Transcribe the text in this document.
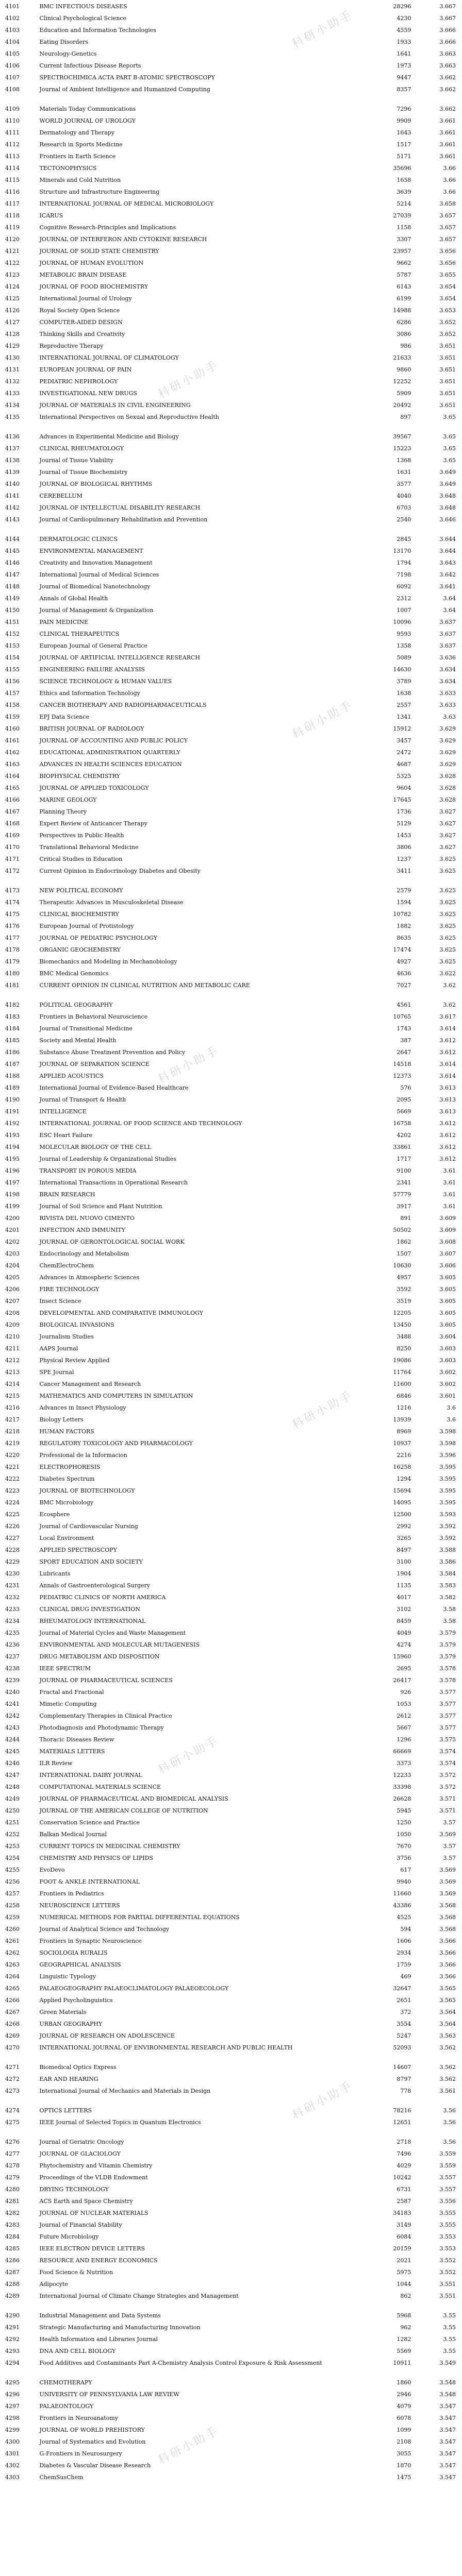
4101	BMC INFECTIOUS DISEASES	28296	3.667
4102	Clinical Psychological Science	4230	3.667
4103	Education and Information Technologies	4559	3.666
4104	Eating Disorders	1933	3.666
4105	Neurology-Genetics	1641	3.663
4106	Current Infectious Disease Reports	1973	3.663
4107	SPECTROCHIMICA ACTA PART B-ATOMIC SPECTROSCOPY	9447	3.662
4108	Journal of Ambient Intelligence and Humanized Computing	8357	3.662
4109	Materials Today Communications	7296	3.662
4110	WORLD JOURNAL OF UROLOGY	9909	3.661
4111	Dermatology and Therapy	1643	3.661
4112	Research in Sports Medicine	1517	3.661
4113	Frontiers in Earth Science	5171	3.661
4114	TECTONOPHYSICS	35696	3.66
4115	Minerals and Cold Nutrition	1658	3.66
4116	Structure and Infrastructure Engineering	3639	3.66
4117	INTERNATIONAL JOURNAL OF MEDICAL MICROBIOLOGY	5214	3.658
4118	ICARUS	27039	3.657
4119	Cognitive Research-Principles and Implications	1158	3.657
4120	JOURNAL OF INTERFERON AND CYTOKINE RESEARCH	3307	3.657
4121	JOURNAL OF SOLID STATE CHEMISTRY	23957	3.656
4122	JOURNAL OF HUMAN EVOLUTION	9662	3.656
4123	METABOLIC BRAIN DISEASE	5787	3.655
4124	JOURNAL OF FOOD BIOCHEMISTRY	6143	3.654
4125	International Journal of Urology	6199	3.654
4126	Royal Society Open Science	14988	3.653
4127	COMPUTER-AIDED DESIGN	6286	3.652
4128	Thinking Skills and Creativity	3086	3.652
4129	Reproductive Therapy	986	3.651
4130	INTERNATIONAL JOURNAL OF CLIMATOLOGY	21633	3.651
4131	EUROPEAN JOURNAL OF PAIN	9860	3.651
4132	PEDIATRIC NEPHROLOGY	12252	3.651
4133	INVESTIGATIONAL NEW DRUGS	5909	3.651
4134	JOURNAL OF MATERIALS IN CIVIL ENGINEERING	20492	3.651
4135	International Perspectives on Sexual and Reproductive Health	897	3.65
4136	Advances in Experimental Medicine and Biology	39567	3.65
4137	CLINICAL RHEUMATOLOGY	15223	3.65
4138	Journal of Tissue Viability	1368	3.65
4139	Journal of Tissue Biochemistry	1631	3.649
4140	JOURNAL OF BIOLOGICAL RHYTHMS	3577	3.649
4141	CEREBELLUM	4040	3.648
4142	JOURNAL OF INTELLECTUAL DISABILITY RESEARCH	6703	3.648
4143	Journal of Cardiopulmonary Rehabilitation and Prevention	2540	3.646
4144	DERMATOLOGIC CLINICS	2845	3.644
4145	ENVIRONMENTAL MANAGEMENT	13170	3.644
4146	Creativity and Innovation Management	1794	3.643
4147	International Journal of Medical Sciences	7198	3.642
4148	Journal of Biomedical Nanotechnology	6092	3.641
4149	Annals of Global Health	2312	3.64
4150	Journal of Management & Organization	1007	3.64
4151	PAIN MEDICINE	10096	3.637
4152	CLINICAL THERAPEUTICS	9593	3.637
4153	European Journal of General Practice	1358	3.637
4154	JOURNAL OF ARTIFICIAL INTELLIGENCE RESEARCH	5089	3.636
4155	ENGINEERING FAILURE ANALYSIS	14630	3.634
4156	SCIENCE TECHNOLOGY & HUMAN VALUES	3789	3.634
4157	Ethics and Information Technology	1638	3.633
4158	CANCER BIOTHERAPY AND RADIOPHARMACEUTICALS	2557	3.633
4159	EPJ Data Science	1341	3.63
4160	BRITISH JOURNAL OF RADIOLOGY	15912	3.629
4161	JOURNAL OF ACCOUNTING AND PUBLIC POLICY	3457	3.629
4162	EDUCATIONAL ADMINISTRATION QUARTERLY	2472	3.629
4163	ADVANCES IN HEALTH SCIENCES EDUCATION	4687	3.629
4164	BIOPHYSICAL CHEMISTRY	5325	3.628
4165	JOURNAL OF APPLIED TOXICOLOGY	9604	3.628
4166	MARINE GEOLOGY	17645	3.628
4167	Planning Theory	1736	3.627
4168	Expert Review of Anticancer Therapy	5129	3.627
4169	Perspectives in Public Health	1453	3.627
4170	Translational Behavioral Medicine	3806	3.627
4171	Critical Studies in Education	1237	3.625
4172	Current Opinion in Endocrinology Diabetes and Obesity	3411	3.625
4173	NEW POLITICAL ECONOMY	2579	3.625
4174	Therapeutic Advances in Musculoskeletal Disease	1594	3.625
4175	CLINICAL BIOCHEMISTRY	10782	3.625
4176	European Journal of Protistology	1882	3.625
4177	JOURNAL OF PEDIATRIC PSYCHOLOGY	8635	3.625
4178	ORGANIC GEOCHEMISTRY	17474	3.625
4179	Biomechanics and Modeling in Mechanobiology	4927	3.625
4180	BMC Medical Genomics	4636	3.622
4181	CURRENT OPINION IN CLINICAL NUTRITION AND METABOLIC CARE	7027	3.62
4182	POLITICAL GEOGRAPHY	4561	3.62
4183	Frontiers in Behavioral Neuroscience	10765	3.617
4184	Journal of Transitional Medicine	1743	3.614
4185	Society and Mental Health	387	3.612
4186	Substance Abuse Treatment Prevention and Policy	2647	3.612
4187	JOURNAL OF SEPARATION SCIENCE	14518	3.614
4188	APPLIED ACOUSTICS	12373	3.614
4189	International Journal of Evidence-Based Healthcare	576	3.613
4190	Journal of Transport & Health	2095	3.613
4191	INTELLIGENCE	5669	3.613
4192	INTERNATIONAL JOURNAL OF FOOD SCIENCE AND TECHNOLOGY	16758	3.612
4193	ESC Heart Failure	4202	3.612
4194	MOLECULAR BIOLOGY OF THE CELL	33861	3.612
4195	Journal of Leadership & Organizational Studies	1717	3.612
4196	TRANSPORT IN POROUS MEDIA	9100	3.61
4197	International Transactions in Operational Research	2341	3.61
4198	BRAIN RESEARCH	57779	3.61
4199	Journal of Soil Science and Plant Nutrition	3917	3.61
4200	RIVISTA DEL NUOVO CIMENTO	891	3.609
4201	INFECTION AND IMMUNITY	50502	3.609
4202	JOURNAL OF GERONTOLOGICAL SOCIAL WORK	1862	3.608
4203	Endocrinology and Metabolism	1507	3.607
4204	ChemElectroChem	10630	3.606
4205	Advances in Atmospheric Sciences	4957	3.605
4206	FIRE TECHNOLOGY	3592	3.605
4207	Insect Science	3519	3.605
4208	DEVELOPMENTAL AND COMPARATIVE IMMUNOLOGY	12205	3.605
4209	BIOLOGICAL INVASIONS	13450	3.605
4210	Journalism Studies	3488	3.604
4211	AAPS Journal	8250	3.603
4212	Physical Review Applied	19086	3.603
4213	SPE Journal	11764	3.602
4214	Cancer Management and Research	11600	3.602
4215	MATHEMATICS AND COMPUTERS IN SIMULATION	6846	3.601
4216	Advances in Insect Physiology	1216	3.6
4217	Biology Letters	13939	3.6
4218	HUMAN FACTORS	8969	3.598
4219	REGULATORY TOXICOLOGY AND PHARMACOLOGY	10937	3.598
4220	Professional de la Informacion	2216	3.596
4221	ELECTROPHORESIS	16258	3.595
4222	Diabetes Spectrum	1294	3.595
4223	JOURNAL OF BIOTECHNOLOGY	15694	3.595
4224	BMC Microbiology	14095	3.595
4225	Ecosphere	12500	3.593
4226	Journal of Cardiovascular Nursing	2992	3.592
4227	Local Environment	3265	3.592
4228	APPLIED SPECTROSCOPY	8497	3.588
4229	SPORT EDUCATION AND SOCIETY	3100	3.586
4230	Lubricants	1904	3.584
4231	Annals of Gastroenterological Surgery	1135	3.583
4232	PEDIATRIC CLINICS OF NORTH AMERICA	4017	3.582
4233	CLINICAL DRUG INVESTIGATION	3102	3.58
4234	RHEUMATOLOGY INTERNATIONAL	8459	3.58
4235	Journal of Material Cycles and Waste Management	4049	3.579
4236	ENVIRONMENTAL AND MOLECULAR MUTAGENESIS	4274	3.579
4237	DRUG METABOLISM AND DISPOSITION	15960	3.579
4238	IEEE SPECTRUM	2695	3.578
4239	JOURNAL OF PHARMACEUTICAL SCIENCES	26417	3.578
4240	Fractal and Fractional	926	3.577
4241	Mimetic Computing	1053	3.577
4242	Complementary Therapies in Clinical Practice	2612	3.577
4243	Photodiagnosis and Photodynamic Therapy	5667	3.577
4244	Thoracic Diseases Review	1296	3.575
4245	MATERIALS LETTERS	66669	3.574
4246	ILR Review	3373	3.574
4247	INTERNATIONAL DAIRY JOURNAL	12233	3.572
4248	COMPUTATIONAL MATERIALS SCIENCE	33398	3.572
4249	JOURNAL OF PHARMACEUTICAL AND BIOMEDICAL ANALYSIS	26628	3.571
4250	JOURNAL OF THE AMERICAN COLLEGE OF NUTRITION	5945	3.571
4251	Conservation Science and Practice	1250	3.57
4252	Balkan Medical Journal	1050	3.569
4253	CURRENT TOPICS IN MEDICINAL CHEMISTRY	7670	3.57
4254	CHEMISTRY AND PHYSICS OF LIPIDS	3756	3.57
4255	EvoDevo	617	3.569
4256	FOOT & ANKLE INTERNATIONAL	9940	3.569
4257	Frontiers in Pediatrics	11660	3.569
4258	NEUROSCIENCE LETTERS	43386	3.568
4259	NUMERICAL METHODS FOR PARTIAL DIFFERENTIAL EQUATIONS	4525	3.568
4260	Journal of Analytical Science and Technology	594	3.568
4261	Frontiers in Synaptic Neuroscience	1606	3.566
4262	SOCIOLOGIA RURALIS	2934	3.566
4263	GEOGRAPHICAL ANALYSIS	1759	3.566
4264	Linguistic Typology	469	3.566
4265	PALAEOGEOGRAPHY PALAEOCLIMATOLOGY PALAEOECOLOGY	32647	3.565
4266	Applied Psycholinguistics	2651	3.565
4267	Green Materials	372	3.564
4268	URBAN GEOGRAPHY	3554	3.564
4269	JOURNAL OF RESEARCH ON ADOLESCENCE	5247	3.563
4270	INTERNATIONAL JOURNAL OF ENVIRONMENTAL RESEARCH AND PUBLIC HEALTH	52093	3.562
4271	Biomedical Optics Express	14607	3.562
4272	EAR AND HEARING	8797	3.562
4273	International Journal of Mechanics and Materials in Design	778	3.561
4274	OPTICS LETTERS	78216	3.56
4275	IEEE Journal of Selected Topics in Quantum Electronics	12651	3.56
4276	Journal of Geriatric Oncology	2718	3.56
4277	JOURNAL OF GLACIOLOGY	7496	3.559
4278	Phytochemistry and Vitamin Chemistry	4029	3.559
4279	Proceedings of the VLDB Endowment	10242	3.557
4280	DRYING TECHNOLOGY	6731	3.557
4281	ACS Earth and Space Chemistry	2587	3.556
4282	JOURNAL OF NUCLEAR MATERIALS	34183	3.555
4283	Journal of Financial Stability	3149	3.555
4284	Future Microbiology	6084	3.553
4285	IEEE ELECTRON DEVICE LETTERS	20159	3.553
4286	RESOURCE AND ENERGY ECONOMICS	2021	3.552
4287	Food Science & Nutrition	5975	3.552
4288	Adipocyte	1044	3.551
4289	International Journal of Climate Change Strategies and Management	862	3.551
4290	Industrial Management and Data Systems	5968	3.55
4291	Strategic Manufacturing and Manufacturing Innovation	962	3.55
4292	Health Information and Libraries Journal	1282	3.55
4293	DNA AND CELL BIOLOGY	5569	3.55
4294	Food Additives and Contaminants Part A-Chemistry Analysis Control Exposure & Risk Assessment	10911	3.549
4295	CHEMOTHERAPY	1860	3.548
4296	UNIVERSITY OF PENNSYLVANIA LAW REVIEW	2946	3.548
4297	PALAEONTOLOGY	4079	3.547
4298	Frontiers in Neuroanatomy	6078	3.547
4299	JOURNAL OF WORLD PREHISTORY	1099	3.547
4300	Journal of Systematics and Evolution	2108	3.547
4301	G-Frontiers in Neurosurgery	3055	3.547
4302	Diabetes & Vascular Disease Research	1870	3.547
4303	ChemSusChem	1475	3.547
科研小助手
科研小助手
科研小助手
科研小助手
科研小助手
科研小助手
科研小助手
科研小助手
